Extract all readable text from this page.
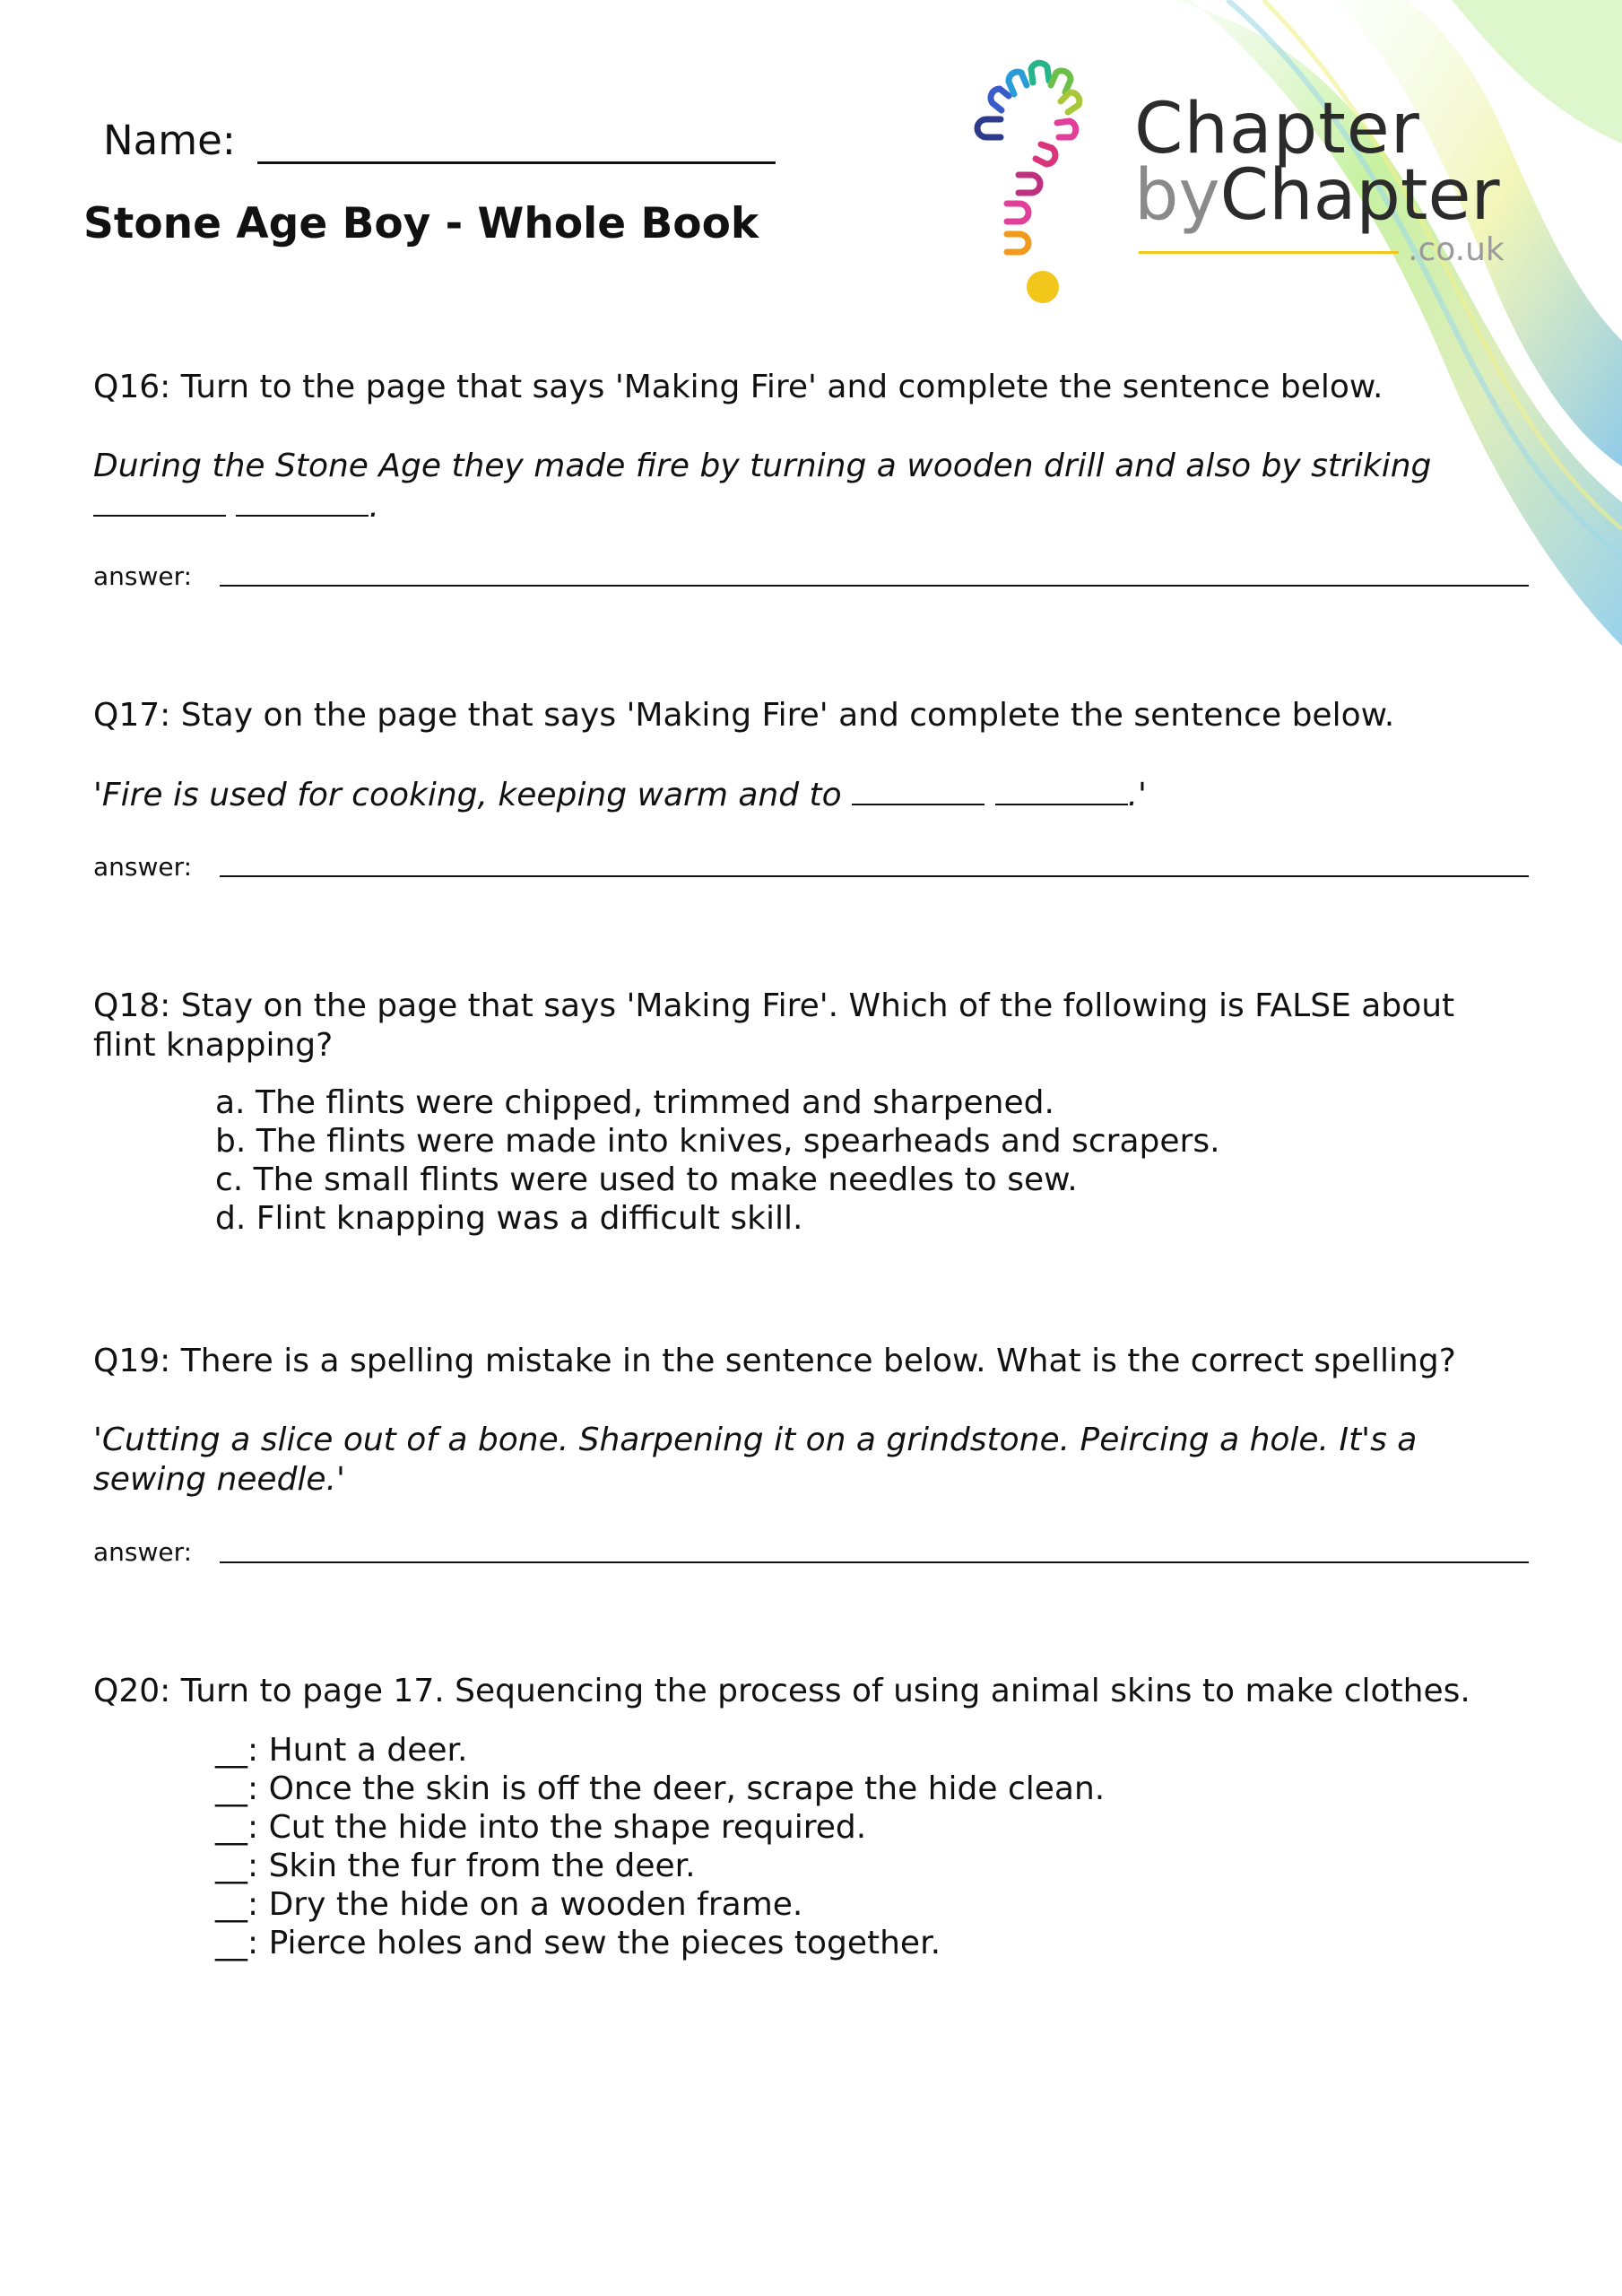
Chapter
byChapter
.co.uk
Name:
Stone Age Boy - Whole Book
Q16: Turn to the page that says 'Making Fire' and complete the sentence below.
During the Stone Age they made fire by turning a wooden drill and also by striking
.
answer:
Q17: Stay on the page that says 'Making Fire' and complete the sentence below.
'Fire is used for cooking, keeping warm and to	.'
answer:
Q18: Stay on the page that says 'Making Fire'. Which of the following is FALSE about flint knapping?
a. The flints were chipped, trimmed and sharpened.
b. The flints were made into knives, spearheads and scrapers.
c. The small flints were used to make needles to sew.
d. Flint knapping was a difficult skill.
Q19: There is a spelling mistake in the sentence below. What is the correct spelling?
'Cutting a slice out of a bone. Sharpening it on a grindstone. Peircing a hole. It's a sewing needle.'
answer:
Q20: Turn to page 17. Sequencing the process of using animal skins to make clothes.
__: Hunt a deer.
__: Once the skin is off the deer, scrape the hide clean.
__: Cut the hide into the shape required.
__: Skin the fur from the deer.
__: Dry the hide on a wooden frame.
__: Pierce holes and sew the pieces together.
